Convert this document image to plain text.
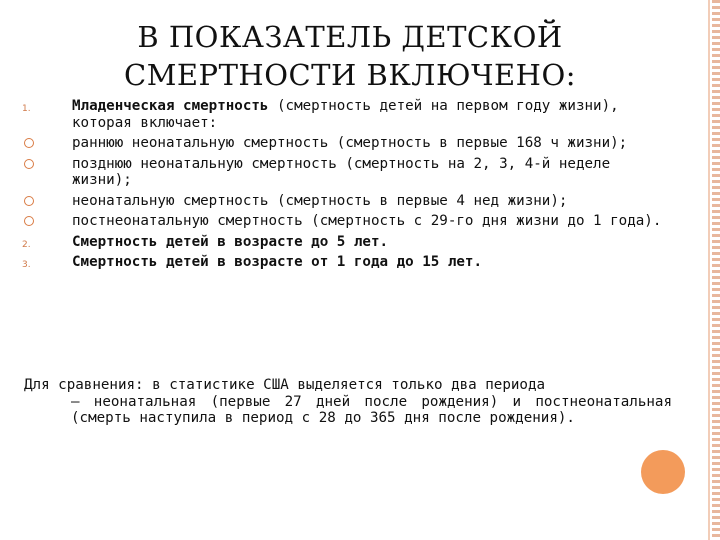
В ПОКАЗАТЕЛЬ ДЕТСКОЙ
СМЕРТНОСТИ ВКЛЮЧЕНО:
1.	Младенческая смертность (смертность детей на первом году жизни), которая включает:
раннюю неонатальную смертность (смертность в первые 168 ч жизни);
позднюю неонатальную смертность (смертность на 2, 3, 4-й неделе жизни);
неонатальную смертность (смертность в первые 4 нед жизни);
постнеонатальную смертность (смертность с 29-го дня жизни до 1 года).
2.	Смертность детей в возрасте до 5 лет.
3.	Смертность детей в возрасте от 1 года до 15 лет.
Для сравнения: в статистике США выделяется только два периода
— неонатальная (первые 27 дней после рождения) и постнеонатальная (смерть наступила в период с 28 до 365 дня после рождения).
